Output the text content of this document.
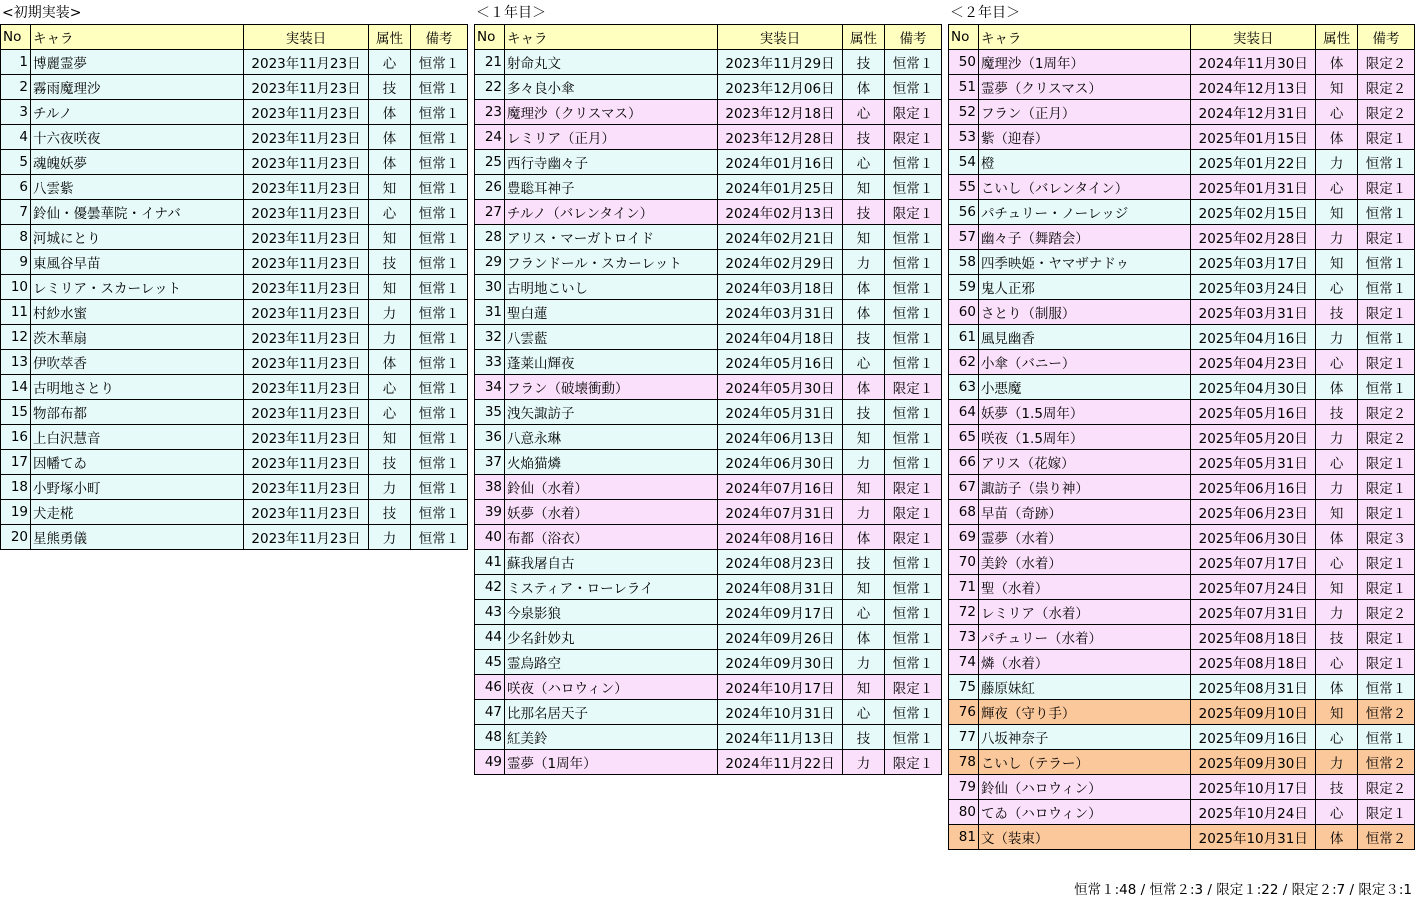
<初期実装>
No	キャラ	実装日	属性	備考
1	博麗霊夢	2023年11月23日	心	恒常１
2	霧雨魔理沙	2023年11月23日	技	恒常１
3	チルノ	2023年11月23日	体	恒常１
4	十六夜咲夜	2023年11月23日	体	恒常１
5	魂魄妖夢	2023年11月23日	体	恒常１
6	八雲紫	2023年11月23日	知	恒常１
7	鈴仙・優曇華院・イナバ	2023年11月23日	心	恒常１
8	河城にとり	2023年11月23日	知	恒常１
9	東風谷早苗	2023年11月23日	技	恒常１
10	レミリア・スカーレット	2023年11月23日	知	恒常１
11	村紗水蜜	2023年11月23日	力	恒常１
12	茨木華扇	2023年11月23日	力	恒常１
13	伊吹萃香	2023年11月23日	体	恒常１
14	古明地さとり	2023年11月23日	心	恒常１
15	物部布都	2023年11月23日	心	恒常１
16	上白沢慧音	2023年11月23日	知	恒常１
17	因幡てゐ	2023年11月23日	技	恒常１
18	小野塚小町	2023年11月23日	力	恒常１
19	犬走椛	2023年11月23日	技	恒常１
20	星熊勇儀	2023年11月23日	力	恒常１
＜１年目＞
No	キャラ	実装日	属性	備考
21	射命丸文	2023年11月29日	技	恒常１
22	多々良小傘	2023年12月06日	体	恒常１
23	魔理沙（クリスマス）	2023年12月18日	心	限定１
24	レミリア（正月）	2023年12月28日	技	限定１
25	西行寺幽々子	2024年01月16日	心	恒常１
26	豊聡耳神子	2024年01月25日	知	恒常１
27	チルノ（バレンタイン）	2024年02月13日	技	限定１
28	アリス・マーガトロイド	2024年02月21日	知	恒常１
29	フランドール・スカーレット	2024年02月29日	力	恒常１
30	古明地こいし	2024年03月18日	体	恒常１
31	聖白蓮	2024年03月31日	体	恒常１
32	八雲藍	2024年04月18日	技	恒常１
33	蓬莱山輝夜	2024年05月16日	心	恒常１
34	フラン（破壊衝動）	2024年05月30日	体	限定１
35	洩矢諏訪子	2024年05月31日	技	恒常１
36	八意永琳	2024年06月13日	知	恒常１
37	火焔猫燐	2024年06月30日	力	恒常１
38	鈴仙（水着）	2024年07月16日	知	限定１
39	妖夢（水着）	2024年07月31日	力	限定１
40	布都（浴衣）	2024年08月16日	体	限定１
41	蘇我屠自古	2024年08月23日	技	恒常１
42	ミスティア・ローレライ	2024年08月31日	知	恒常１
43	今泉影狼	2024年09月17日	心	恒常１
44	少名針妙丸	2024年09月26日	体	恒常１
45	霊烏路空	2024年09月30日	力	恒常１
46	咲夜（ハロウィン）	2024年10月17日	知	限定１
47	比那名居天子	2024年10月31日	心	恒常１
48	紅美鈴	2024年11月13日	技	恒常１
49	霊夢（1周年）	2024年11月22日	力	限定１
＜２年目＞
No	キャラ	実装日	属性	備考
50	魔理沙（1周年）	2024年11月30日	体	限定２
51	霊夢（クリスマス）	2024年12月13日	知	限定２
52	フラン（正月）	2024年12月31日	心	限定２
53	紫（迎春）	2025年01月15日	体	限定１
54	橙	2025年01月22日	力	恒常１
55	こいし（バレンタイン）	2025年01月31日	心	限定１
56	パチュリー・ノーレッジ	2025年02月15日	知	恒常１
57	幽々子（舞踏会）	2025年02月28日	力	限定１
58	四季映姫・ヤマザナドゥ	2025年03月17日	知	恒常１
59	鬼人正邪	2025年03月24日	心	恒常１
60	さとり（制服）	2025年03月31日	技	限定１
61	風見幽香	2025年04月16日	力	恒常１
62	小傘（バニー）	2025年04月23日	心	限定１
63	小悪魔	2025年04月30日	体	恒常１
64	妖夢（1.5周年）	2025年05月16日	技	限定２
65	咲夜（1.5周年）	2025年05月20日	力	限定２
66	アリス（花嫁）	2025年05月31日	心	限定１
67	諏訪子（祟り神）	2025年06月16日	力	限定１
68	早苗（奇跡）	2025年06月23日	知	限定１
69	霊夢（水着）	2025年06月30日	体	限定３
70	美鈴（水着）	2025年07月17日	心	限定１
71	聖（水着）	2025年07月24日	知	限定１
72	レミリア（水着）	2025年07月31日	力	限定２
73	パチュリー（水着）	2025年08月18日	技	限定１
74	燐（水着）	2025年08月18日	心	限定１
75	藤原妹紅	2025年08月31日	体	恒常１
76	輝夜（守り手）	2025年09月10日	知	恒常２
77	八坂神奈子	2025年09月16日	心	恒常１
78	こいし（テラー）	2025年09月30日	力	恒常２
79	鈴仙（ハロウィン）	2025年10月17日	技	限定２
80	てゐ（ハロウィン）	2025年10月24日	心	限定１
81	文（装束）	2025年10月31日	体	恒常２
恒常１:48 / 恒常２:3 / 限定１:22 / 限定２:7 / 限定３:1
